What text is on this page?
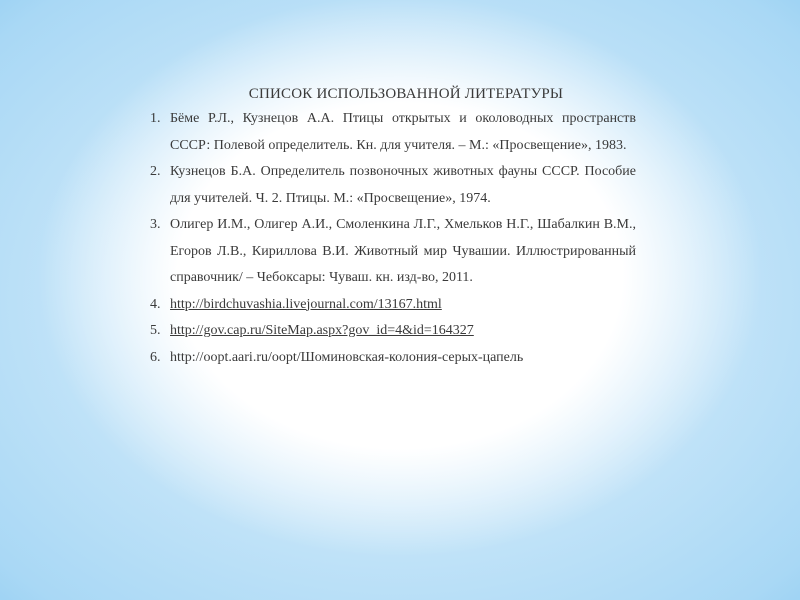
СПИСОК ИСПОЛЬЗОВАННОЙ ЛИТЕРАТУРЫ
1. Бёме Р.Л., Кузнецов А.А. Птицы открытых и околоводных пространств СССР: Полевой определитель. Кн. для учителя. – М.: «Просвещение», 1983.
2. Кузнецов Б.А. Определитель позвоночных животных фауны СССР. Пособие для учителей. Ч. 2. Птицы. М.: «Просвещение», 1974.
3. Олигер И.М., Олигер А.И., Смоленкина Л.Г., Хмельков Н.Г., Шабалкин В.М., Егоров Л.В., Кириллова В.И. Животный мир Чувашии. Иллюстрированный справочник/ – Чебоксары: Чуваш. кн. изд-во, 2011.
4. http://birdchuvashia.livejournal.com/13167.html
5. http://gov.cap.ru/SiteMap.aspx?gov_id=4&id=164327
6. http://oopt.aari.ru/oopt/Шоминовская-колония-серых-цапель
